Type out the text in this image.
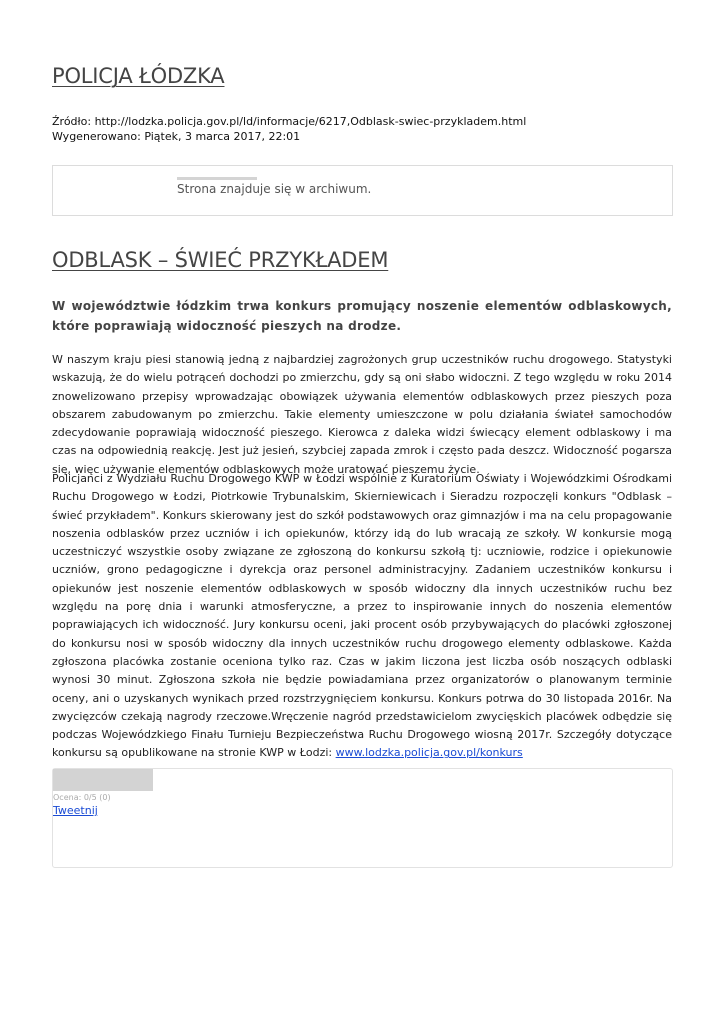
POLICJA ŁÓDZKA
Źródło: http://lodzka.policja.gov.pl/ld/informacje/6217,Odblask-swiec-przykladem.html
Wygenerowano: Piątek, 3 marca 2017, 22:01
Strona znajduje się w archiwum.
ODBLASK – ŚWIEĆ PRZYKŁADEM

W województwie łódzkim trwa konkurs promujący noszenie elementów odblaskowych, które poprawiają widoczność pieszych na drodze.

W naszym kraju piesi stanowią jedną z najbardziej zagrożonych grup uczestników ruchu drogowego. Statystyki wskazują, że do wielu potrąceń dochodzi po zmierzchu, gdy są oni słabo widoczni. Z tego względu w roku 2014 znowelizowano przepisy wprowadzając obowiązek używania elementów odblaskowych przez pieszych poza obszarem zabudowanym po zmierzchu. Takie elementy umieszczone w polu działania świateł samochodów zdecydowanie poprawiają widoczność pieszego. Kierowca z daleka widzi świecący element odblaskowy i ma czas na odpowiednią reakcję. Jest już jesień, szybciej zapada zmrok i często pada deszcz. Widoczność pogarsza się, więc używanie elementów odblaskowych może uratować pieszemu życie.

Policjanci z Wydziału Ruchu Drogowego KWP w Łodzi wspólnie z Kuratorium Oświaty i Wojewódzkimi Ośrodkami Ruchu Drogowego w Łodzi, Piotrkowie Trybunalskim, Skierniewicach i Sieradzu rozpoczęli konkurs "Odblask – świeć przykładem". Konkurs skierowany jest do szkół podstawowych oraz gimnazjów i ma na celu propagowanie noszenia odblasków przez uczniów i ich opiekunów, którzy idą do lub wracają ze szkoły. W konkursie mogą uczestniczyć wszystkie osoby związane ze zgłoszoną do konkursu szkołą tj: uczniowie, rodzice i opiekunowie uczniów, grono pedagogiczne i dyrekcja oraz personel administracyjny. Zadaniem uczestników konkursu i opiekunów jest noszenie elementów odblaskowych w sposób widoczny dla innych uczestników ruchu bez względu na porę dnia i warunki atmosferyczne, a przez to inspirowanie innych do noszenia elementów poprawiających ich widoczność. Jury konkursu oceni, jaki procent osób przybywających do placówki zgłoszonej do konkursu nosi w sposób widoczny dla innych uczestników ruchu drogowego elementy odblaskowe. Każda zgłoszona placówka zostanie oceniona tylko raz. Czas w jakim liczona jest liczba osób noszących odblaski wynosi 30 minut. Zgłoszona szkoła nie będzie powiadamiana przez organizatorów o planowanym terminie oceny, ani o uzyskanych wynikach przed rozstrzygnięciem konkursu. Konkurs potrwa do 30 listopada 2016r. Na zwycięzców czekają nagrody rzeczowe.Wręczenie nagród przedstawicielom zwycięskich placówek odbędzie się podczas Wojewódzkiego Finału Turnieju Bezpieczeństwa Ruchu Drogowego wiosną 2017r. Szczegóły dotyczące konkursu są opublikowane na stronie KWP w Łodzi: www.lodzka.policja.gov.pl/konkurs

Ocena: 0/5 (0)
Tweetnij
